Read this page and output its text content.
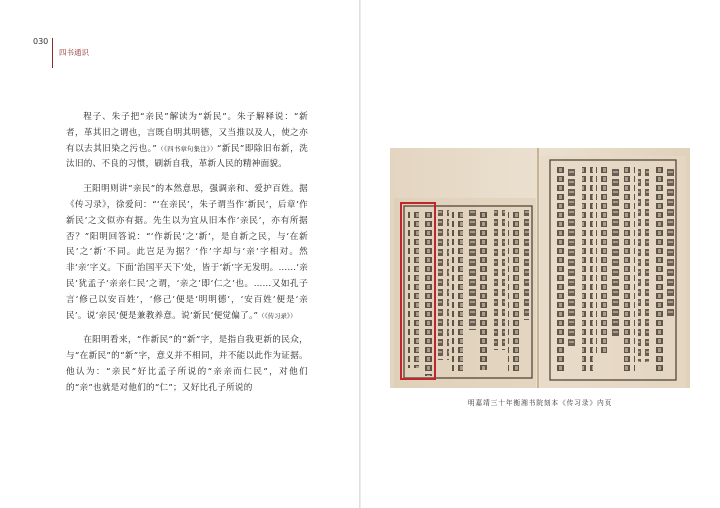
030
四书通识

程子、朱子把“亲民”解读为“新民”。朱子解释说：“新者，革其旧之谓也，言既自明其明德，又当推以及人，使之亦有以去其旧染之污也。”（《四书章句集注》）“新民”即除旧布新，洗汰旧的、不良的习惯，刷新自我，革新人民的精神面貌。

王阳明则讲“亲民”的本然意思，强调亲和、爱护百姓。据《传习录》，徐爱问：“‘在亲民’，朱子谓当作‘新民’，后章‘作新民’之文似亦有据。先生以为宜从旧本作‘亲民’，亦有所据否？”阳明回答说：“‘作新民’之‘新’，是自新之民，与‘在新民’之‘新’不同。此岂足为据？‘作’字却与‘亲’字相对。然非‘亲’字义。下面‘治国平天下’处，皆于‘新’字无发明。……‘亲民’犹孟子‘亲亲仁民’之谓，‘亲之’即‘仁之’也。……又如孔子言‘修己以安百姓’，‘修己’便是‘明明德’，‘安百姓’便是‘亲民’。说‘亲民’便是兼教养意。说‘新民’便觉偏了。”（《传习录》）

在阳明看来，“作新民”的“新”字，是指自我更新的民众，与“在新民”的“新”字，意义并不相同，并不能以此作为证据。他认为：“亲民”好比孟子所说的“亲亲而仁民”，对他们的“亲”也就是对他们的“仁”；又好比孔子所说的

明嘉靖三十年衡湘书院刻本《传习录》内页
